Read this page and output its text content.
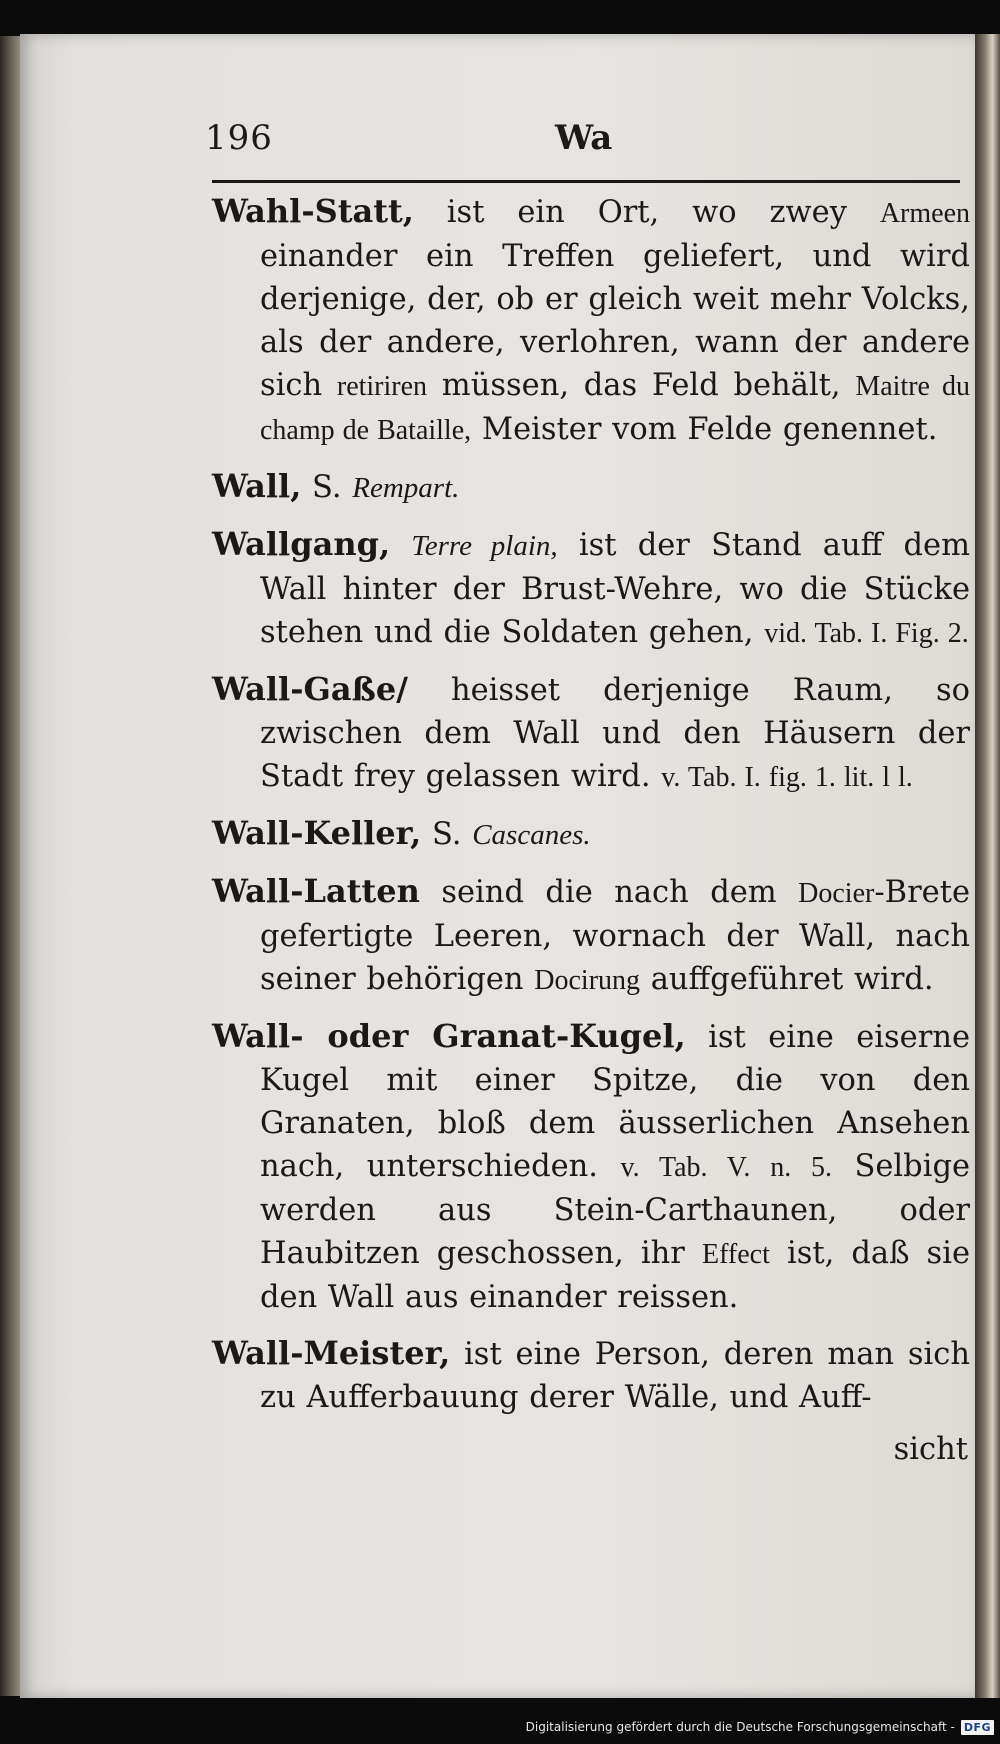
196	Wa

Wahl-Statt, ist ein Ort, wo zwey Armeen einander ein Treffen geliefert, und wird derjenige, der, ob er gleich weit mehr Volcks, als der andere, verlohren, wann der andere sich retiriren müssen, das Feld behält, Maitre du champ de Bataille, Meister vom Felde genennet.

Wall, S. Rempart.

Wallgang, Terre plain, ist der Stand auff dem Wall hinter der Brust-Wehre, wo die Stücke stehen und die Soldaten gehen, vid. Tab. I. Fig. 2.

Wall-Gaße/ heisset derjenige Raum, so zwischen dem Wall und den Häusern der Stadt frey gelassen wird. v. Tab. I. fig. 1. lit. l l.

Wall-Keller, S. Cascanes.

Wall-Latten seind die nach dem Docier-Brete gefertigte Leeren, wornach der Wall, nach seiner behörigen Docirung auffgeführet wird.

Wall- oder Granat-Kugel, ist eine eiserne Kugel mit einer Spitze, die von den Granaten, bloß dem äusserlichen Ansehen nach, unterschieden. v. Tab. V. n. 5. Selbige werden aus Stein-Carthaunen, oder Haubitzen geschossen, ihr Effect ist, daß sie den Wall aus einander reissen.

Wall-Meister, ist eine Person, deren man sich zu Aufferbauung derer Wälle, und Auff-

sicht
Digitalisierung gefördert durch die Deutsche Forschungsgemeinschaft - DFG
